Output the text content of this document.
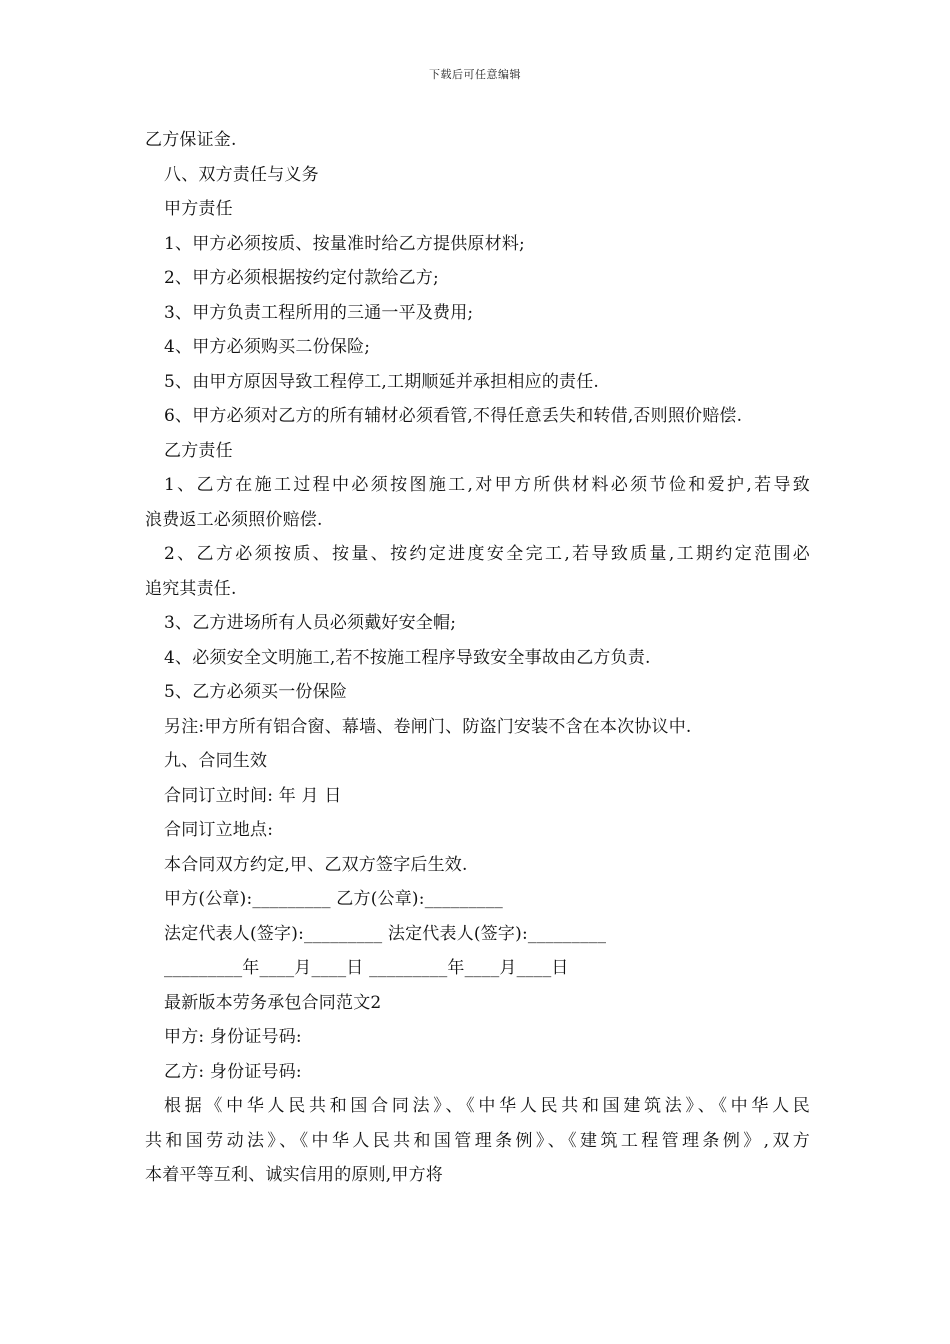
下载后可任意编辑
乙方保证金.
八、双方责任与义务
甲方责任
1、甲方必须按质、按量准时给乙方提供原材料;
2、甲方必须根据按约定付款给乙方;
3、甲方负责工程所用的三通一平及费用;
4、甲方必须购买二份保险;
5、由甲方原因导致工程停工,工期顺延并承担相应的责任.
6、甲方必须对乙方的所有辅材必须看管,不得任意丢失和转借,否则照价赔偿.
乙方责任
1、乙方在施工过程中必须按图施工,对甲方所供材料必须节俭和爱护,若导致
浪费返工必须照价赔偿.
2、乙方必须按质、按量、按约定进度安全完工,若导致质量,工期约定范围必
追究其责任.
3、乙方进场所有人员必须戴好安全帽;
4、必须安全文明施工,若不按施工程序导致安全事故由乙方负责.
5、乙方必须买一份保险
另注:甲方所有铝合窗、幕墙、卷闸门、防盗门安装不含在本次协议中.
九、合同生效
合同订立时间: 年 月 日
合同订立地点:
本合同双方约定,甲、乙双方签字后生效.
甲方(公章):_________ 乙方(公章):_________
法定代表人(签字):_________ 法定代表人(签字):_________
_________年____月____日 _________年____月____日
最新版本劳务承包合同范文2
甲方: 身份证号码:
乙方: 身份证号码:
根据《中华人民共和国合同法》、《中华人民共和国建筑法》、《中华人民
共和国劳动法》、《中华人民共和国管理条例》、《建筑工程管理条例》,双方
本着平等互利、诚实信用的原则,甲方将
